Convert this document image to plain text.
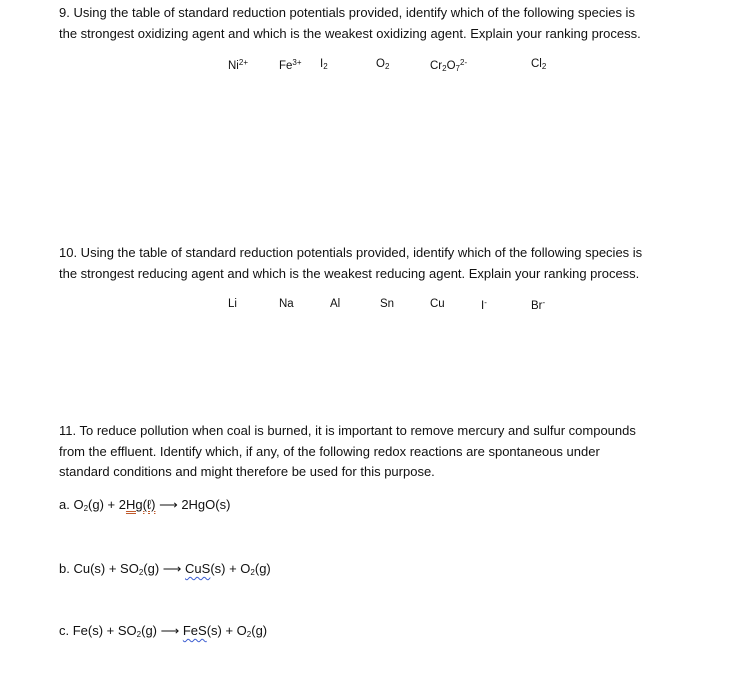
9. Using the table of standard reduction potentials provided, identify which of the following species is
the strongest oxidizing agent and which is the weakest oxidizing agent. Explain your ranking process.
$Ni^{2+}$	$Fe^{3+}$ $I_2$	$O_2$	$Cr_2O_7^{2-}$	$Cl_2$
10. Using the table of standard reduction potentials provided, identify which of the following species is
the strongest reducing agent and which is the weakest reducing agent. Explain your ranking process.
Li	Na	Al	Sn	Cu	I-	Br-
11. To reduce pollution when coal is burned, it is important to remove mercury and sulfur compounds
from the effluent. Identify which, if any, of the following redox reactions are spontaneous under
standard conditions and might therefore be used for this purpose.
a. $O_2(g)$ + 2Hg(ℓ) ⟶ 2HgO(s)
b. $Cu(s) + SO_2(g)$ ⟶ $CuS(s) + O_2(g)$
c. $Fe(s) + SO_2(g)$ ⟶ $FeS(s) + O_2(g)$
